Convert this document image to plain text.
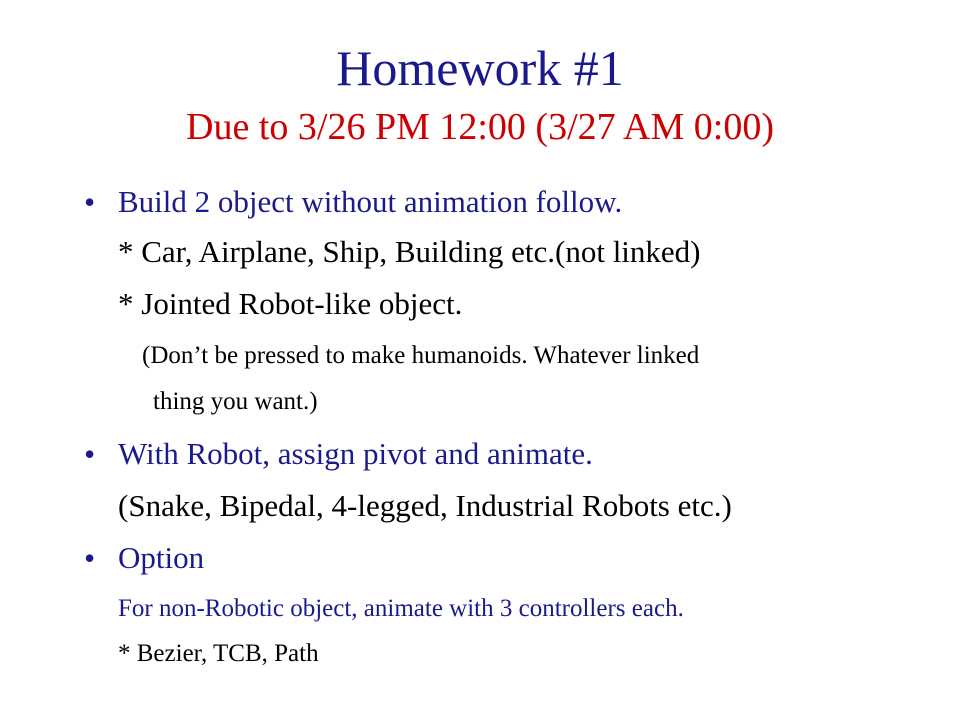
Homework #1
Due to 3/26 PM 12:00 (3/27 AM 0:00)
• Build 2 object without animation follow.
* Car, Airplane, Ship, Building etc.(not linked)
* Jointed Robot-like object.
(Don’t be pressed to make humanoids. Whatever linked
thing you want.)
• With Robot, assign pivot and animate.
(Snake, Bipedal, 4-legged, Industrial Robots etc.)
• Option
For non-Robotic object, animate with 3 controllers each.
* Bezier, TCB, Path
